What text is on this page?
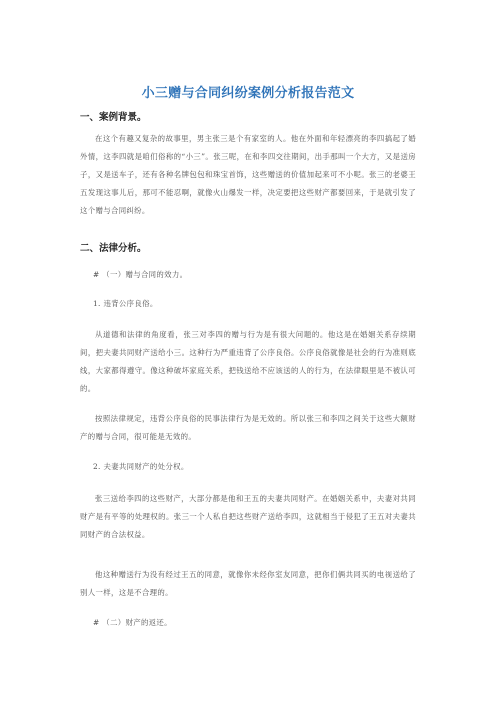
小三赠与合同纠纷案例分析报告范文
一、案例背景。
在这个有趣又复杂的故事里，男主张三是个有家室的人。他在外面和年轻漂亮的李四搞起了婚外情，这李四就是咱们俗称的“小三”。张三呢，在和李四交往期间，出手那叫一个大方，又是送房子，又是送车子，还有各种名牌包包和珠宝首饰，这些赠送的价值加起来可不小呢。张三的老婆王五发现这事儿后，那可不能忍啊，就像火山爆发一样，决定要把这些财产都要回来，于是就引发了这个赠与合同纠纷。
二、法律分析。
# （一）赠与合同的效力。
1. 违背公序良俗。
从道德和法律的角度看，张三对李四的赠与行为是有很大问题的。他这是在婚姻关系存续期间，把夫妻共同财产送给小三。这种行为严重违背了公序良俗。公序良俗就像是社会的行为准则底线，大家都得遵守。像这种破坏家庭关系，把钱送给不应该送的人的行为，在法律眼里是不被认可的。
按照法律规定，违背公序良俗的民事法律行为是无效的。所以张三和李四之间关于这些大额财产的赠与合同，很可能是无效的。
2. 夫妻共同财产的处分权。
张三送给李四的这些财产，大部分都是他和王五的夫妻共同财产。在婚姻关系中，夫妻对共同财产是有平等的处理权的。张三一个人私自把这些财产送给李四，这就相当于侵犯了王五对夫妻共同财产的合法权益。
他这种赠送行为没有经过王五的同意，就像你未经你室友同意，把你们俩共同买的电视送给了别人一样，这是不合理的。
# （二）财产的返还。
